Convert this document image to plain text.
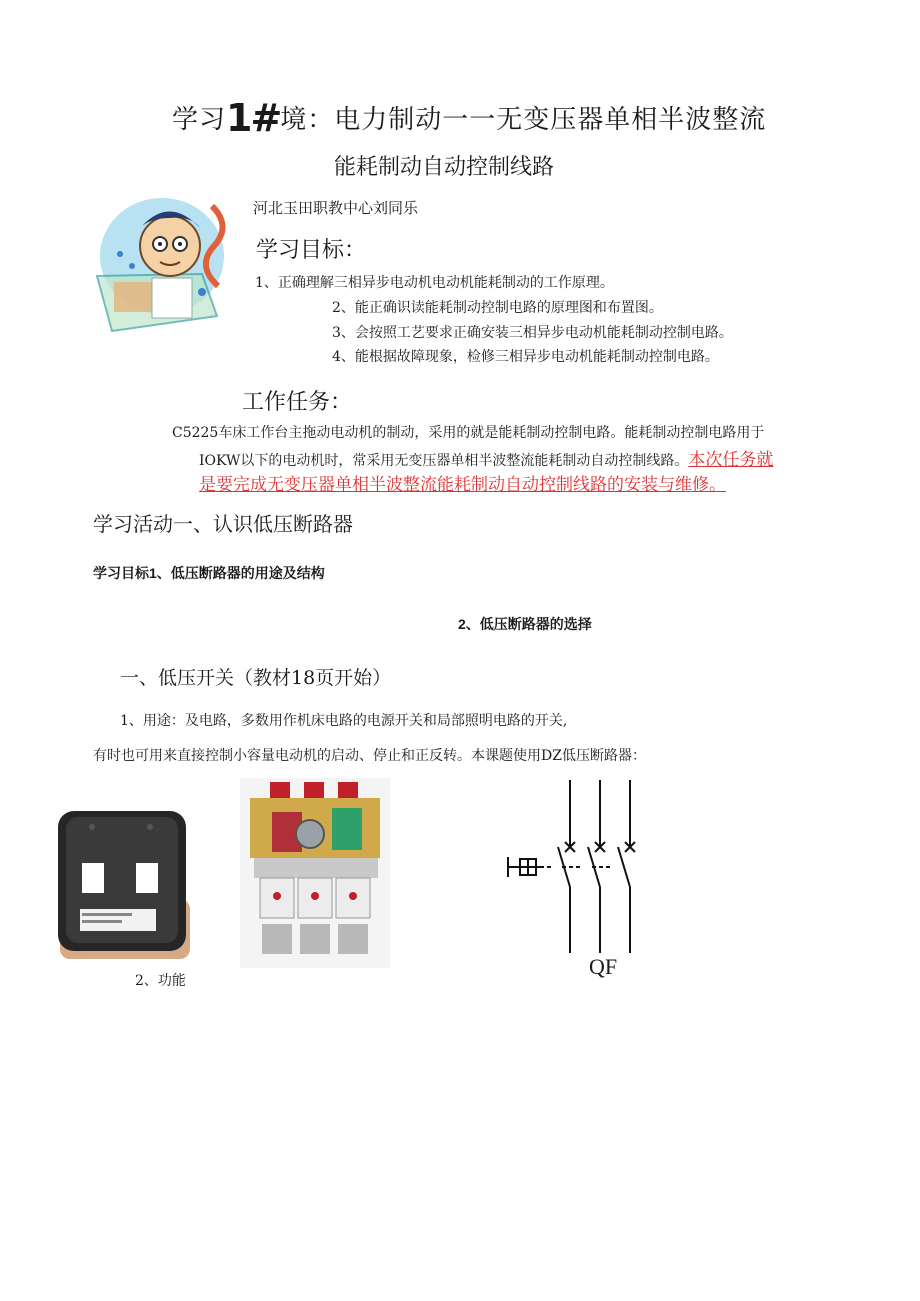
学习1#境：电力制动一一无变压器单相半波整流
能耗制动自动控制线路
河北玉田职教中心刘同乐
学习目标：
1、正确理解三相异步电动机电动机能耗制动的工作原理。
2、能正确识读能耗制动控制电路的原理图和布置图。
3、会按照工艺要求正确安装三相异步电动机能耗制动控制电路。
4、能根据故障现象，检修三相异步电动机能耗制动控制电路。
工作任务：
C5225车床工作台主拖动电动机的制动，采用的就是能耗制动控制电路。能耗制动控制电路用于
IOKW以下的电动机时，常采用无变压器单相半波整流能耗制动自动控制线路。本次任务就
是要完成无变压器单相半波整流能耗制动自动控制线路的安装与维修。
学习活动一、认识低压断路器
学习目标1、低压断路器的用途及结构
2、低压断路器的选择
一、低压开关（教材18页开始）
1、用途：及电路，多数用作机床电路的电源开关和局部照明电路的开关,
有时也可用来直接控制小容量电动机的启动、停止和正反转。本课题使用DZ低压断路器：
2、功能
QF
